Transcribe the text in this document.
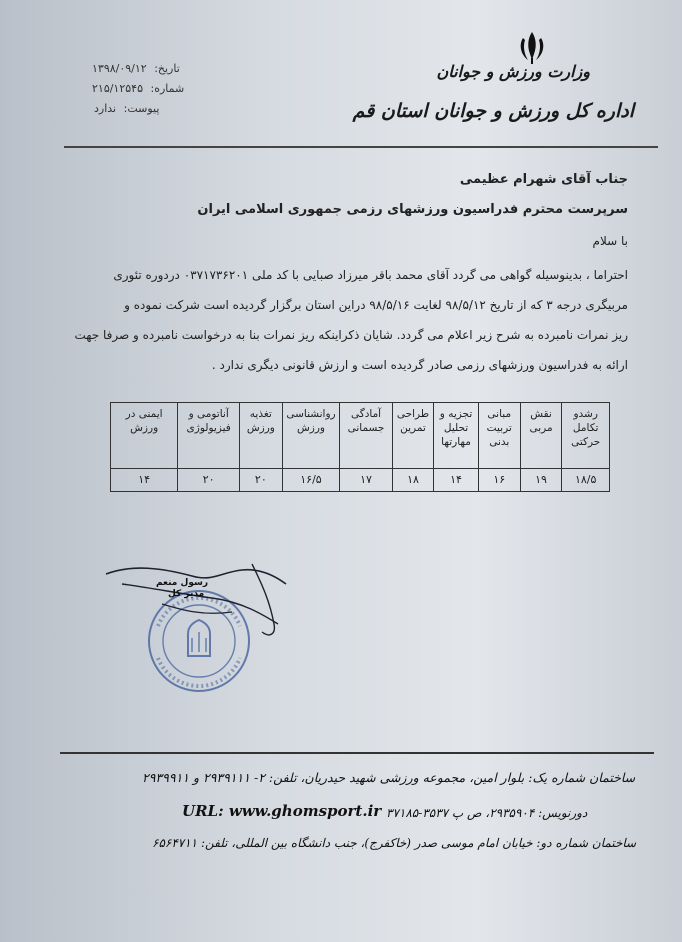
وزارت ورزش و جوانان
اداره کل ورزش و جوانان استان قم
تاریخ: ۱۳۹۸/۰۹/۱۲
شماره: ۲۱۵/۱۲۵۴۵
پیوست: ندارد
جناب آقای شهرام عظیمی
سرپرست محترم فدراسیون ورزشهای رزمی جمهوری اسلامی ایران
با سلام
احتراما ، بدینوسیله گواهی می گردد آقای محمد باقر میرزاد صبایی با کد ملی ۰۳۷۱۷۳۶۲۰۱ دردوره تئوری
مربیگری درجه ۳ که از تاریخ ۹۸/۵/۱۲ لغایت ۹۸/۵/۱۶ دراین استان برگزار گردیده است شرکت نموده و
ریز نمرات نامبرده به شرح زیر اعلام می گردد. شایان ذکراینکه ریز نمرات بنا به درخواست نامبرده و صرفا جهت
ارائه به فدراسیون ورزشهای رزمی صادر گردیده است و ارزش قانونی دیگری ندارد .
رشدو تکامل حرکتی	نقش مربی	مبانی تربیت بدنی	تجزیه و تحلیل مهارتها	طراحی تمرین	آمادگی جسمانی	روانشناسی ورزش	تغذیه ورزش	آناتومی و فیزیولوژی	ایمنی در ورزش
۱۸/۵	۱۹	۱۶	۱۴	۱۸	۱۷	۱۶/۵	۲۰	۲۰	۱۴
رسول منعم
مدیر کل
ساختمان شماره یک: بلوار امین، مجموعه ورزشی شهید حیدریان، تلفن: ۲- ۲۹۳۹۱۱۱ و ۲۹۳۹۹۱۱
URL: www.ghomsport.ir دورنویس: ۲۹۳۵۹۰۴، ص پ ۳۵۳۷-۳۷۱۸۵
ساختمان شماره دو: خیابان امام موسی صدر (خاکفرج)، جنب دانشگاه بین المللی، تلفن: ۶۵۶۴۷۱۱
